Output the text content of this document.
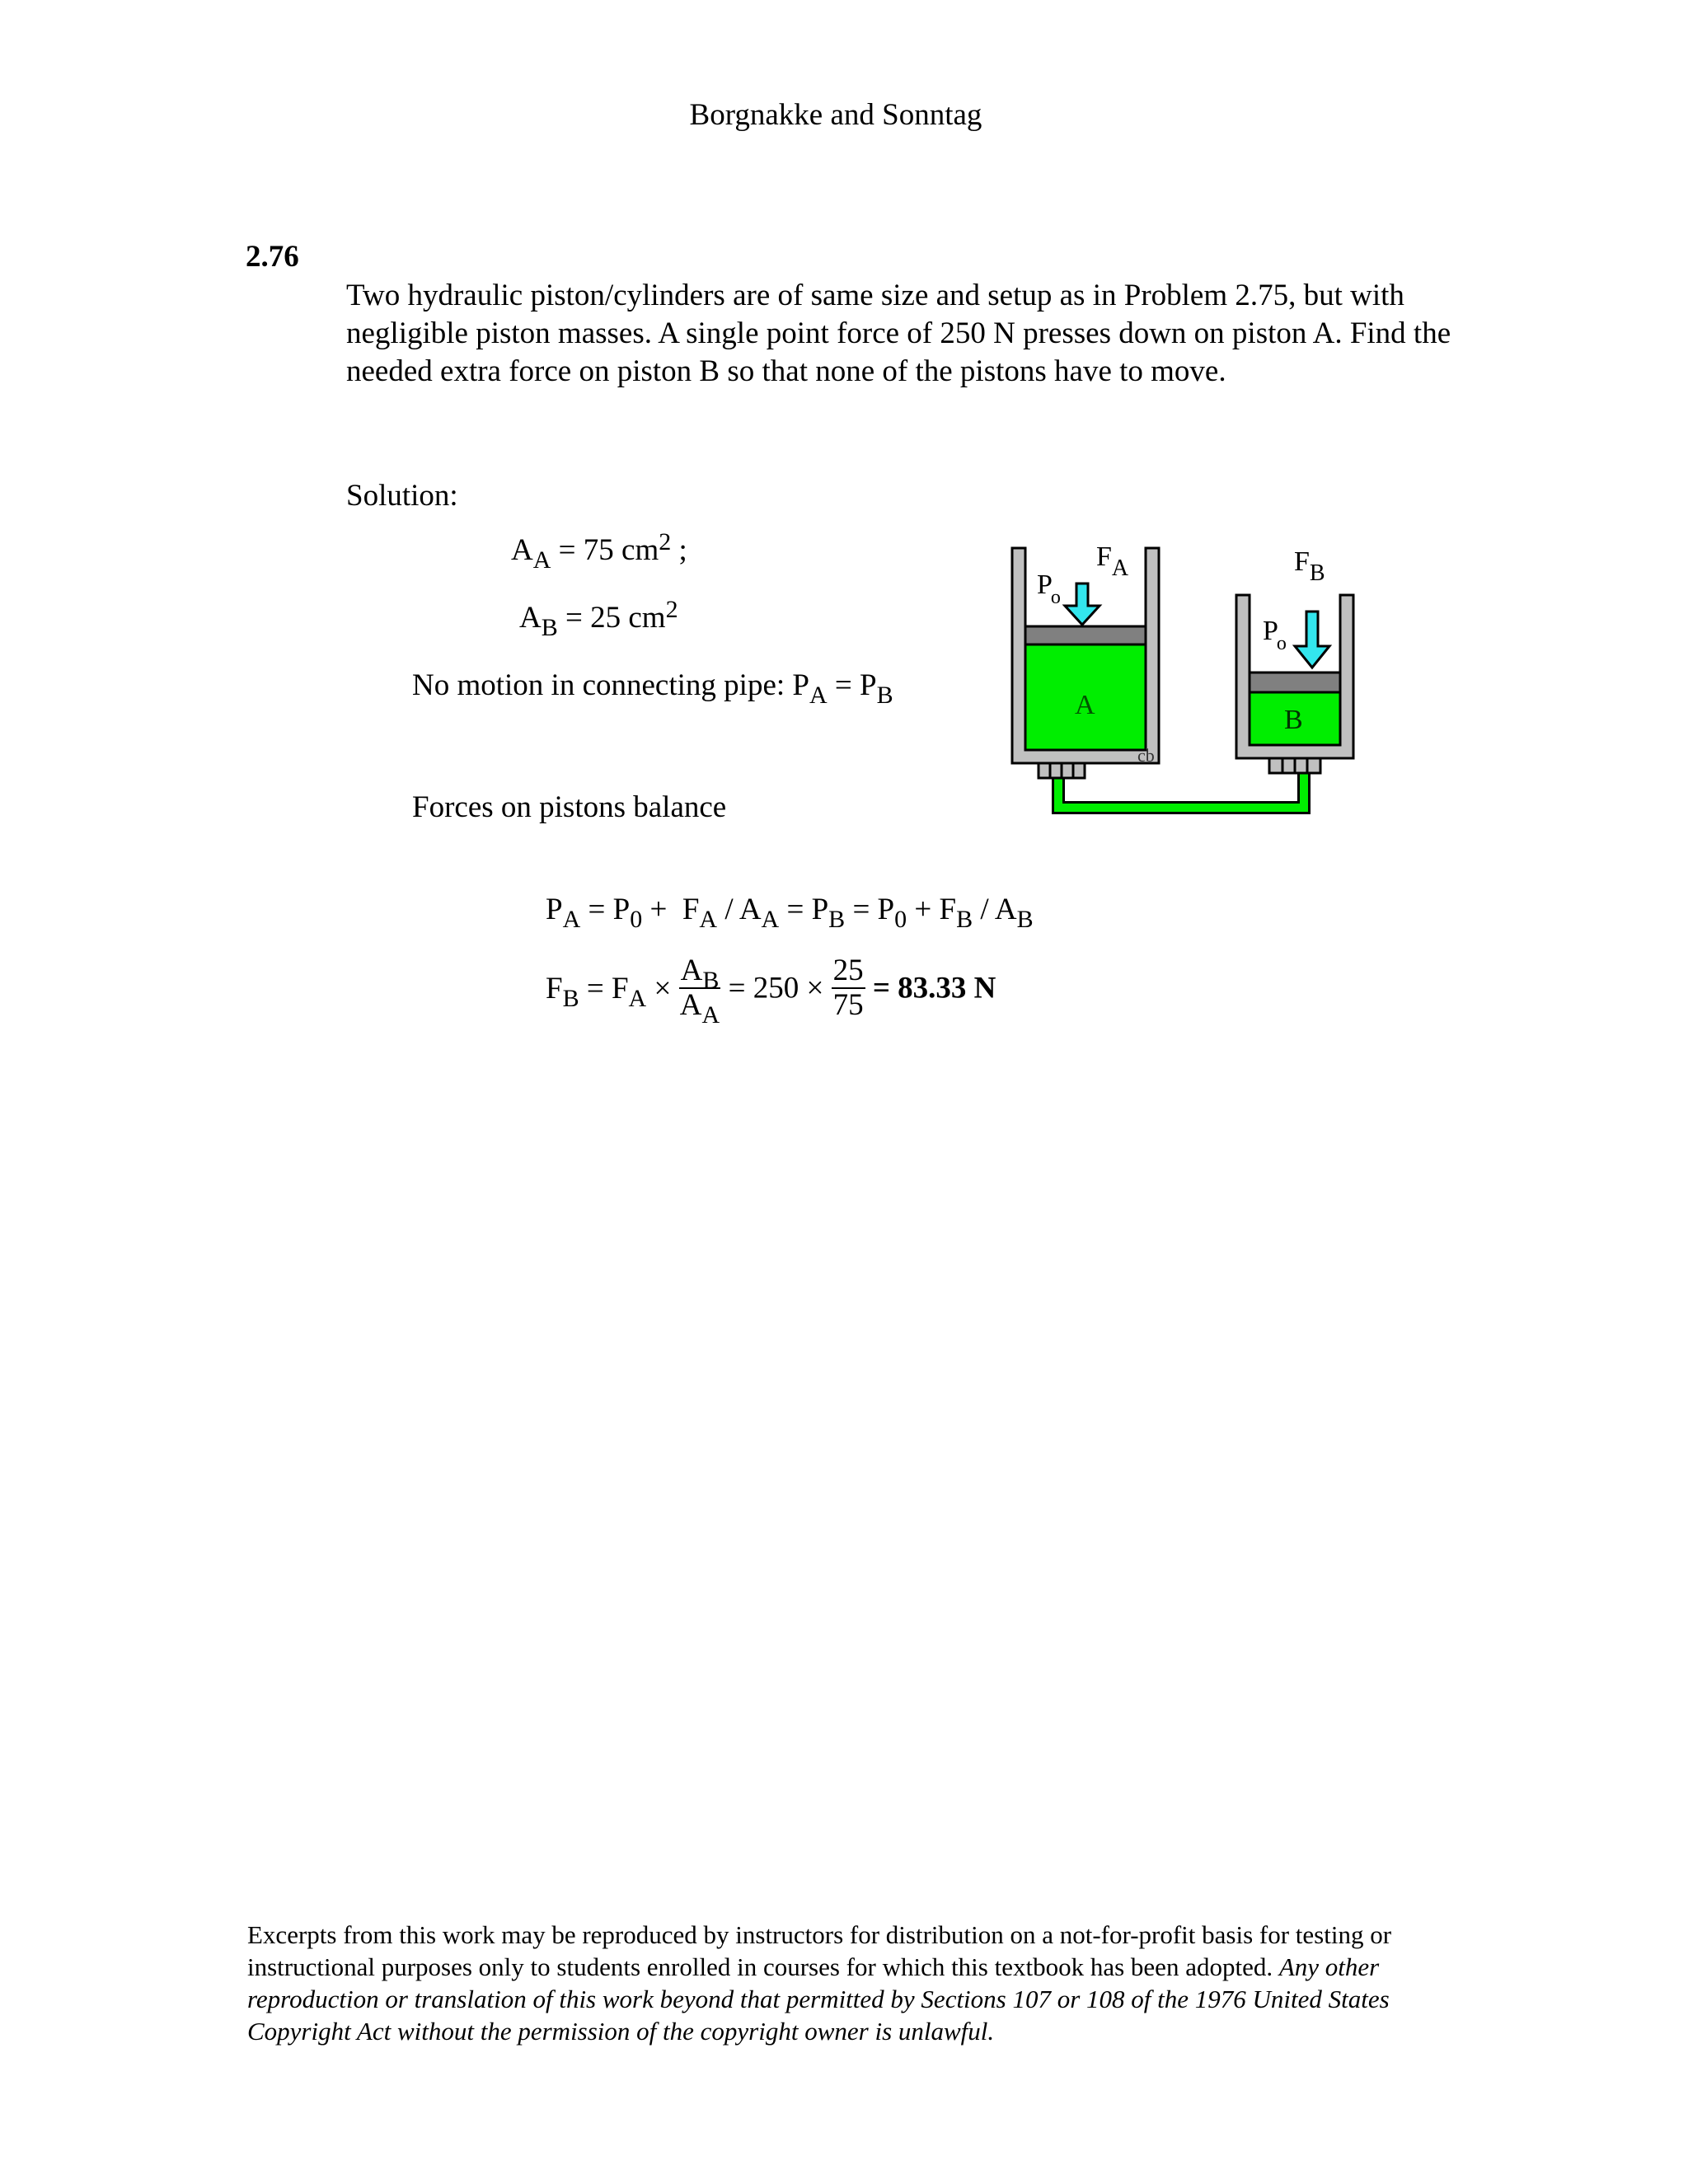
Borgnakke and Sonntag
2.76
Two hydraulic piston/cylinders are of same size and setup as in Problem 2.75, but with negligible piston masses. A single point force of 250 N presses down on piston A. Find the needed extra force on piston B so that none of the pistons have to move.
Solution:
$A_A = 75$ $cm^2$ ;
$A_B = 25$ $cm^2$
No motion in connecting pipe: $P_A = P_B$
Forces on pistons balance
$P_A = P_0 + F_A / A_A = P_B = P_0 + F_B / A_B$
$F_B = F_A \times \frac{A_B}{A_A} = 250 \times \frac{25}{75} = 83.33$ N
Po
$F_A$	$F_B$
Po
A	B
cb
Excerpts from this work may be reproduced by instructors for distribution on a not-for-profit basis for testing or instructional purposes only to students enrolled in courses for which this textbook has been adopted. Any other reproduction or translation of this work beyond that permitted by Sections 107 or 108 of the 1976 United States Copyright Act without the permission of the copyright owner is unlawful.
